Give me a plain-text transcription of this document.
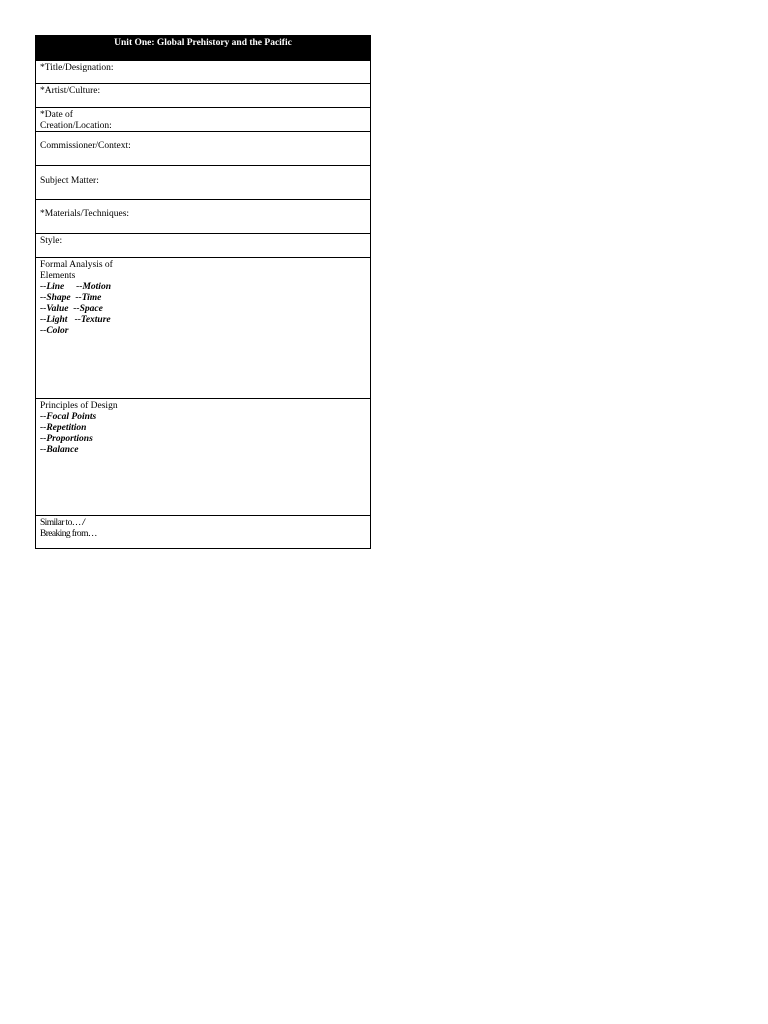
Unit One: Global Prehistory and the Pacific
*Title/Designation:
*Artist/Culture:
*Date of Creation/Location:
Commissioner/Context:
Subject Matter:
*Materials/Techniques:
Style:
Formal Analysis of Elements
--Line     --Motion
--Shape  --Time
--Value  --Space
--Light   --Texture
--Color
Principles of Design
--Focal Points
--Repetition
--Proportions
--Balance
Similar to… /
Breaking from…
